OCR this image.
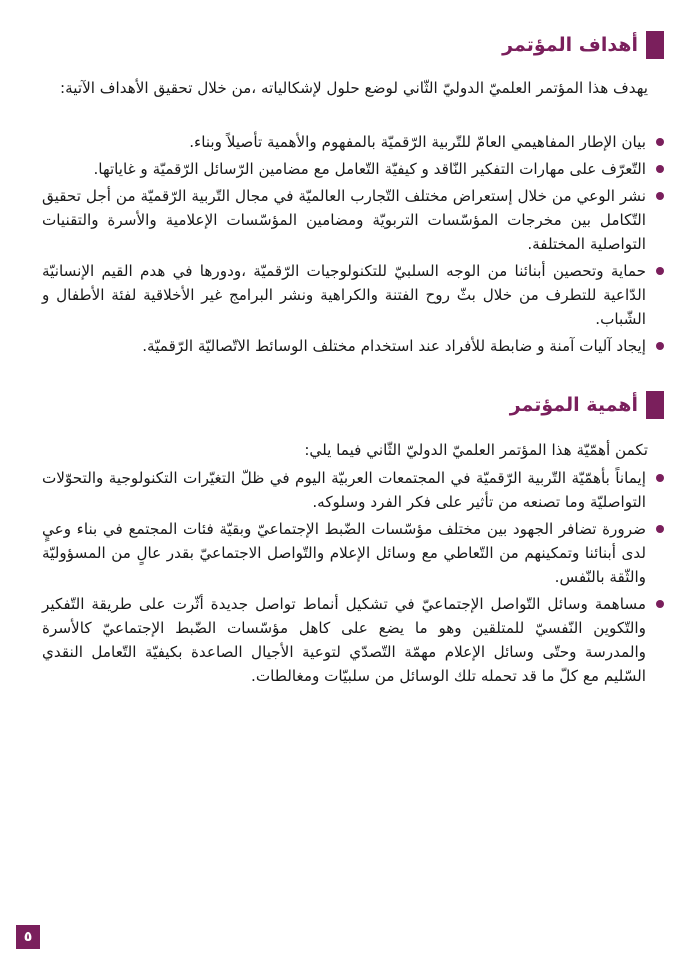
أهداف المؤتمر

يهدف هذا المؤتمر العلميّ الدوليّ الثّاني لوضع حلول لإشكالياته ،من خلال تحقيق الأهداف الآتية:

بيان الإطار المفاهيمي العامّ للتّربية الرّقميّة بالمفهوم والأهمية تأصيلاً وبناء.
التّعرّف على مهارات التفكير النّاقد و كيفيّة التّعامل مع مضامين الرّسائل الرّقميّة و غاياتها.
نشر الوعي من خلال إستعراض مختلف التّجارب العالميّة في مجال التّربية الرّقميّة من أجل تحقيق التّكامل بين مخرجات المؤسّسات التربويّة ومضامين المؤسّسات الإعلامية والأسرة والتقنيات التواصلية المختلفة.
حماية وتحصين أبنائنا من الوجه السلبيّ للتكنولوجيات الرّقميّة ،ودورها في هدم القيم الإنسانيّة الدّاعية للتطرف من خلال بثّ روح الفتنة والكراهية ونشر البرامج غير الأخلاقية لفئة الأطفال و الشّباب.
إيجاد آليات آمنة و ضابطة للأفراد عند استخدام مختلف الوسائط الاتّصاليّة الرّقميّة.
أهمية المؤتمر

تكمن أهمّيّة هذا المؤتمر العلميّ الدوليّ الثّاني فيما يلي:

إيماناً بأهمّيّة التّربية الرّقميّة في المجتمعات العربيّة اليوم في ظلّ التغيّرات التكنولوجية والتحوّلات التواصليّة وما تصنعه من تأثير على فكر الفرد وسلوكه.
ضرورة تضافر الجهود بين مختلف مؤسّسات الضّبط الإجتماعيّ وبقيّة فئات المجتمع في بناء وعيٍ لدى أبنائنا وتمكينهم من التّعاطي مع وسائل الإعلام والتّواصل الاجتماعيّ بقدر عالٍ من المسؤوليّة والثّقة بالنّفس.
مساهمة وسائل التّواصل الإجتماعيّ في تشكيل أنماط تواصل جديدة أثّرت على طريقة التّفكير والتّكوين النّفسيّ للمتلقين وهو ما يضع على كاهل مؤسّسات الضّبط الإجتماعيّ كالأسرة والمدرسة وحتّى وسائل الإعلام مهمّة التّصدّي لتوعية الأجيال الصاعدة بكيفيّة التّعامل النقدي السّليم مع كلّ ما قد تحمله تلك الوسائل من سلبيّات ومغالطات.
٥
